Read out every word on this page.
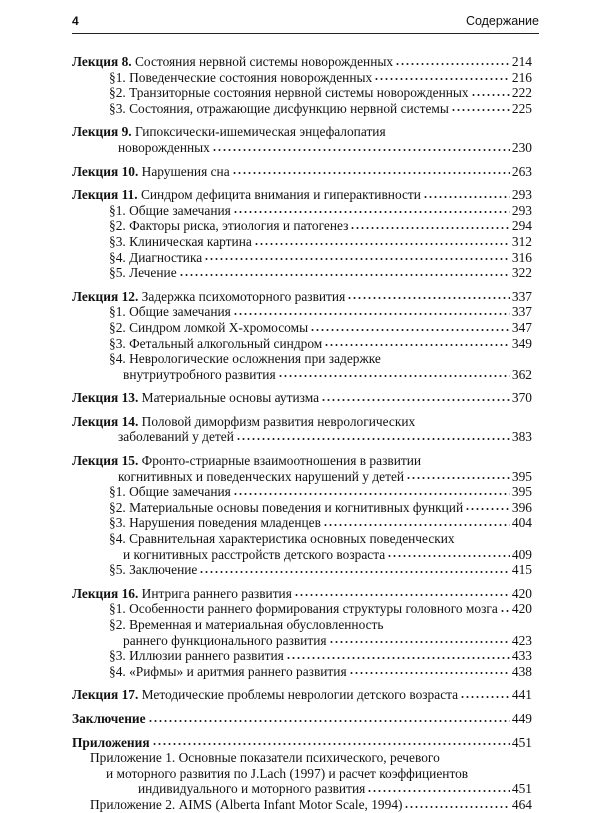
4	Содержание
Лекция 8. Состояния нервной системы новорожденных	214
§1. Поведенческие состояния новорожденных	216
§2. Транзиторные состояния нервной системы новорожденных	222
§3. Состояния, отражающие дисфункцию нервной системы	225
Лекция 9. Гипоксически-ишемическая энцефалопатия
новорожденных	230
Лекция 10. Нарушения сна	263
Лекция 11. Синдром дефицита внимания и гиперактивности	293
§1. Общие замечания	293
§2. Факторы риска, этиология и патогенез	294
§3. Клиническая картина	312
§4. Диагностика	316
§5. Лечение	322
Лекция 12. Задержка психомоторного развития	337
§1. Общие замечания	337
§2. Синдром ломкой X-хромосомы	347
§3. Фетальный алкогольный синдром	349
§4. Неврологические осложнения при задержке
внутриутробного развития	362
Лекция 13. Материальные основы аутизма	370
Лекция 14. Половой диморфизм развития неврологических
заболеваний у детей	383
Лекция 15. Фронто-стриарные взаимоотношения в развитии
когнитивных и поведенческих нарушений у детей	395
§1. Общие замечания	395
§2. Материальные основы поведения и когнитивных функций	396
§3. Нарушения поведения младенцев	404
§4. Сравнительная характеристика основных поведенческих
и когнитивных расстройств детского возраста	409
§5. Заключение	415
Лекция 16. Интрига раннего развития	420
§1. Особенности раннего формирования структуры головного мозга 420
§2. Временная и материальная обусловленность
раннего функционального развития	423
§3. Иллюзии раннего развития	433
§4. «Рифмы» и аритмия раннего развития	438
Лекция 17. Методические проблемы неврологии детского возраста	441
Заключение	449
Приложения	451
Приложение 1. Основные показатели психического, речевого
и моторного развития по J.Lach (1997) и расчет коэффициентов
индивидуального и моторного развития	451
Приложение 2. AIMS (Alberta Infant Motor Scale, 1994)	464
